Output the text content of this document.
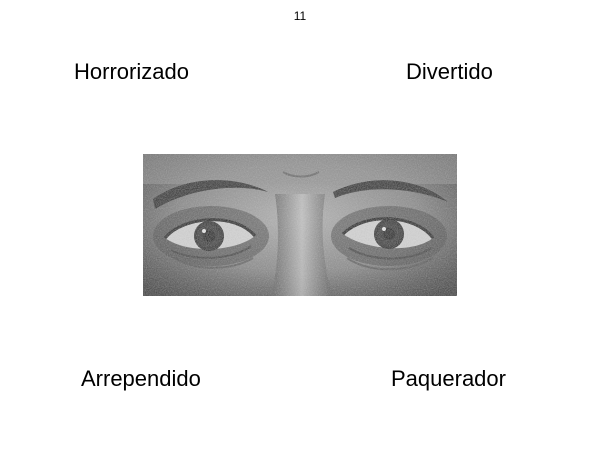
11
Horrorizado	Divertido
Arrependido	Paquerador
